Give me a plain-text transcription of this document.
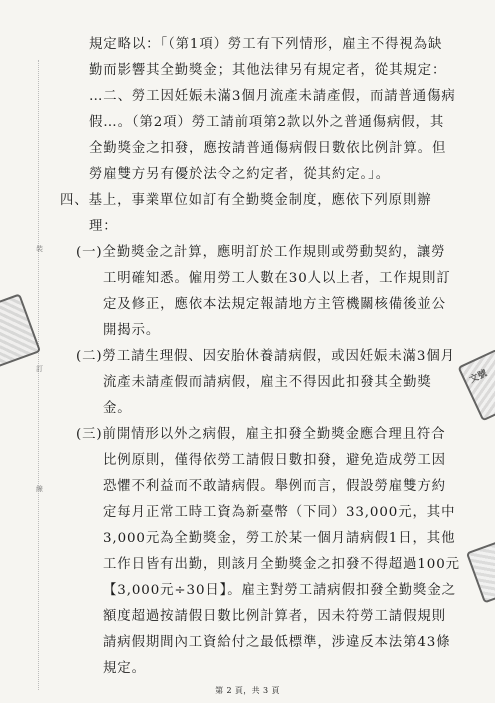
裝
訂
線
規定略以：「（第1項）勞工有下列情形，雇主不得視為缺
勤而影響其全勤獎金；其他法律另有規定者，從其規定：
…二、勞工因妊娠未滿3個月流產未請產假，而請普通傷病
假…。（第2項）勞工請前項第2款以外之普通傷病假，其
全勤獎金之扣發，應按請普通傷病假日數依比例計算。但
勞雇雙方另有優於法令之約定者，從其約定。」。
四、基上，事業單位如訂有全勤獎金制度，應依下列原則辦
理：
(一)全勤獎金之計算，應明訂於工作規則或勞動契約，讓勞
工明確知悉。僱用勞工人數在30人以上者，工作規則訂
定及修正，應依本法規定報請地方主管機關核備後並公
開揭示。
(二)勞工請生理假、因安胎休養請病假，或因妊娠未滿3個月
流產未請產假而請病假，雇主不得因此扣發其全勤獎
金。
(三)前開情形以外之病假，雇主扣發全勤獎金應合理且符合
比例原則，僅得依勞工請假日數扣發，避免造成勞工因
恐懼不利益而不敢請病假。舉例而言，假設勞雇雙方約
定每月正常工時工資為新臺幣（下同）33,000元，其中
3,000元為全勤獎金，勞工於某一個月請病假1日，其他
工作日皆有出勤，則該月全勤獎金之扣發不得超過100元
【3,000元÷30日】。雇主對勞工請病假扣發全勤獎金之
額度超過按請假日數比例計算者，因未符勞工請假規則
請病假期間內工資給付之最低標準，涉違反本法第43條
規定。
第 2 頁，共 3 頁
文號
